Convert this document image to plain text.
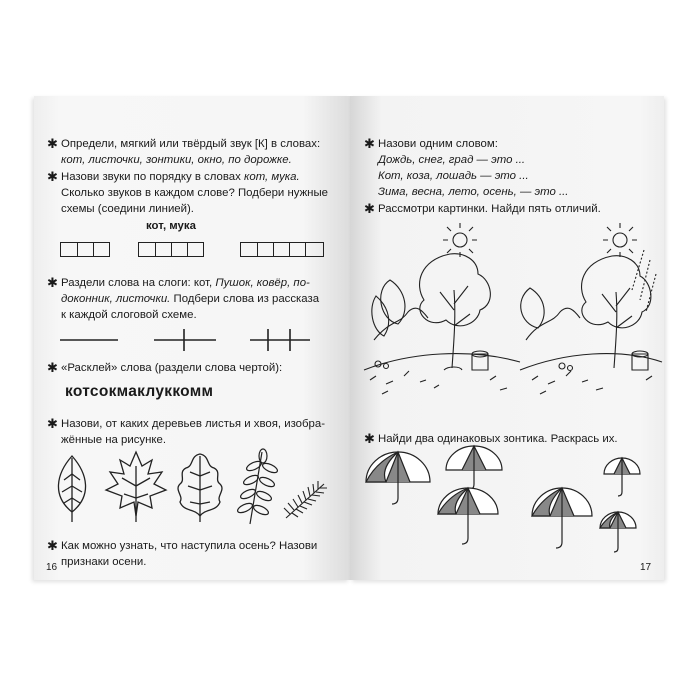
✱ Определи, мягкий или твёрдый звук [К] в словах:
кот, листочки, зонтики, окно, по дорожке.
✱ Назови звуки по порядку в словах кот, мука.
Сколько звуков в каждом слове? Подбери нужные
схемы (соедини линией).
кот, мука
✱ Раздели слова на слоги: кот, Пушок, ковёр, по-
доконник, листочки. Подбери слова из рассказа
к каждой слоговой схеме.
✱ «Расклей» слова (раздели слова чертой):
котсокмаклуккомм
✱ Назови, от каких деревьев листья и хвоя, изобра-
жённые на рисунке.
✱ Как можно узнать, что наступила осень? Назови
признаки осени.
16
✱ Назови одним словом:
Дождь, снег, град — это ...
Кот, коза, лошадь — это ...
Зима, весна, лето, осень, — это ...
✱ Рассмотри картинки. Найди пять отличий.
✱ Найди два одинаковых зонтика. Раскрась их.
17
